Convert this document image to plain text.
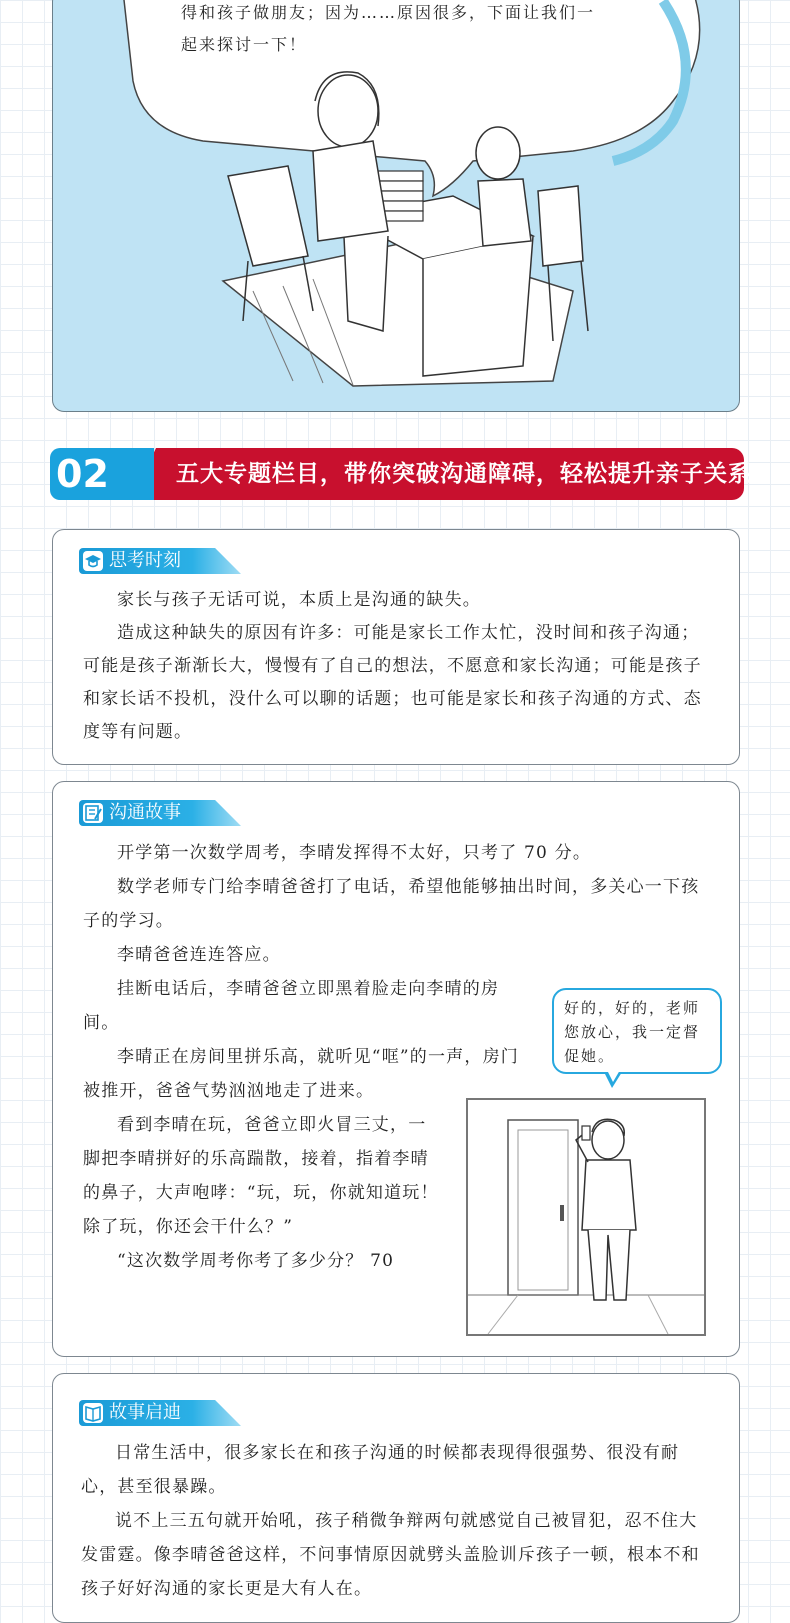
得和孩子做朋友；因为……原因很多，下面让我们一

起来探讨一下！

02	五大专题栏目，带你突破沟通障碍，轻松提升亲子关系
思考时刻

家长与孩子无话可说，本质上是沟通的缺失。

造成这种缺失的原因有许多：可能是家长工作太忙，没时间和孩子沟通；可能是孩子渐渐长大，慢慢有了自己的想法，不愿意和家长沟通；可能是孩子和家长话不投机，没什么可以聊的话题；也可能是家长和孩子沟通的方式、态度等有问题。

沟通故事

开学第一次数学周考，李晴发挥得不太好，只考了 70 分。

数学老师专门给李晴爸爸打了电话，希望他能够抽出时间，多关心一下孩子的学习。

李晴爸爸连连答应。

挂断电话后，李晴爸爸立即黑着脸走向李晴的房间。

李晴正在房间里拼乐高，就听见“哐”的一声，房门被推开，爸爸气势汹汹地走了进来。

看到李晴在玩，爸爸立即火冒三丈，一脚把李晴拼好的乐高踹散，接着，指着李晴的鼻子，大声咆哮：“玩，玩，你就知道玩！除了玩，你还会干什么？”

“这次数学周考你考了多少分？ 70

好的，好的，老师您放心，我一定督促她。
故事启迪

日常生活中，很多家长在和孩子沟通的时候都表现得很强势、很没有耐心，甚至很暴躁。

说不上三五句就开始吼，孩子稍微争辩两句就感觉自己被冒犯，忍不住大发雷霆。像李晴爸爸这样，不问事情原因就劈头盖脸训斥孩子一顿，根本不和孩子好好沟通的家长更是大有人在。
